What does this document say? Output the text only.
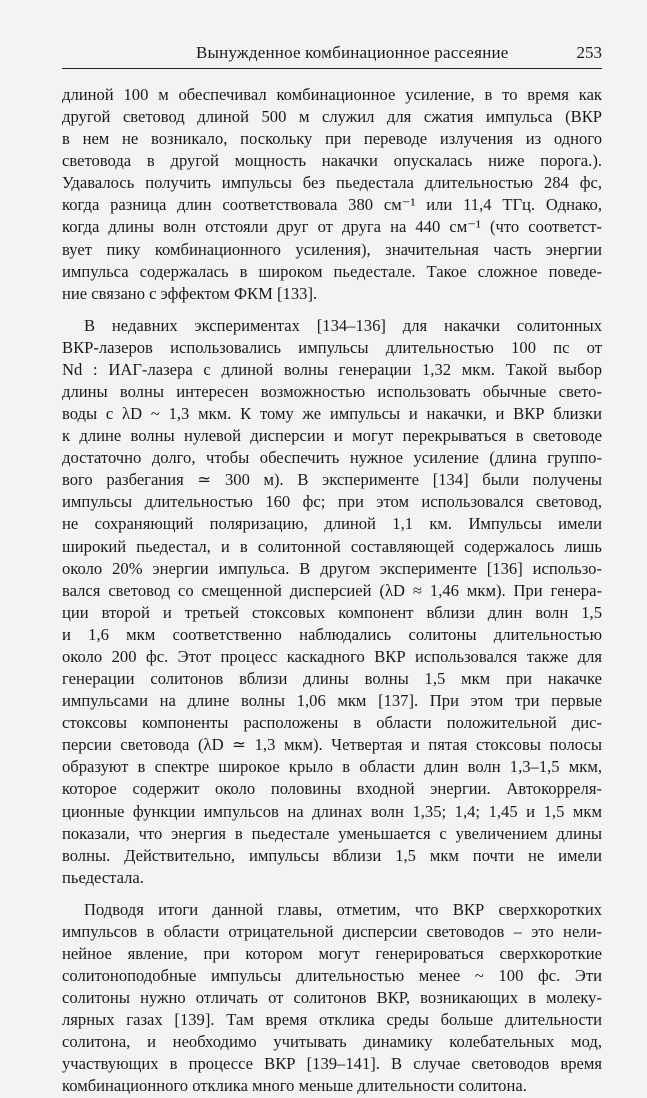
Вынужденное комбинационное рассеяние	253
длиной 100 м обеспечивал комбинационное усиление, в то время как
другой световод длиной 500 м служил для сжатия импульса (ВКР
в нем не возникало, поскольку при переводе излучения из одного
световода в другой мощность накачки опускалась ниже порога.).
Удавалось получить импульсы без пьедестала длительностью 284 фс,
когда разница длин соответствовала 380 см⁻¹ или 11,4 ТГц. Однако,
когда длины волн отстояли друг от друга на 440 см⁻¹ (что соответст-
вует пику комбинационного усиления), значительная часть энергии
импульса содержалась в широком пьедестале. Такое сложное поведе-
ние связано с эффектом ФКМ [133].
В недавних экспериментах [134–136] для накачки солитонных
ВКР-лазеров использовались импульсы длительностью 100 пс от
Nd : ИАГ-лазера с длиной волны генерации 1,32 мкм. Такой выбор
длины волны интересен возможностью использовать обычные свето-
воды с λD ~ 1,3 мкм. К тому же импульсы и накачки, и ВКР близки
к длине волны нулевой дисперсии и могут перекрываться в световоде
достаточно долго, чтобы обеспечить нужное усиление (длина группо-
вого разбегания ≃ 300 м). В эксперименте [134] были получены
импульсы длительностью 160 фс; при этом использовался световод,
не сохраняющий поляризацию, длиной 1,1 км. Импульсы имели
широкий пьедестал, и в солитонной составляющей содержалось лишь
около 20% энергии импульса. В другом эксперименте [136] использо-
вался световод со смещенной дисперсией (λD ≈ 1,46 мкм). При генера-
ции второй и третьей стоксовых компонент вблизи длин волн 1,5
и 1,6 мкм соответственно наблюдались солитоны длительностью
около 200 фс. Этот процесс каскадного ВКР использовался также для
генерации солитонов вблизи длины волны 1,5 мкм при накачке
импульсами на длине волны 1,06 мкм [137]. При этом три первые
стоксовы компоненты расположены в области положительной дис-
персии световода (λD ≃ 1,3 мкм). Четвертая и пятая стоксовы полосы
образуют в спектре широкое крыло в области длин волн 1,3–1,5 мкм,
которое содержит около половины входной энергии. Автокорреля-
ционные функции импульсов на длинах волн 1,35; 1,4; 1,45 и 1,5 мкм
показали, что энергия в пьедестале уменьшается с увеличением длины
волны. Действительно, импульсы вблизи 1,5 мкм почти не имели
пьедестала.
Подводя итоги данной главы, отметим, что ВКР сверхкоротких
импульсов в области отрицательной дисперсии световодов – это нели-
нейное явление, при котором могут генерироваться сверхкороткие
солитоноподобные импульсы длительностью менее ~ 100 фс. Эти
солитоны нужно отличать от солитонов ВКР, возникающих в молеку-
лярных газах [139]. Там время отклика среды больше длительности
солитона, и необходимо учитывать динамику колебательных мод,
участвующих в процессе ВКР [139–141]. В случае световодов время
комбинационного отклика много меньше длительности солитона.
